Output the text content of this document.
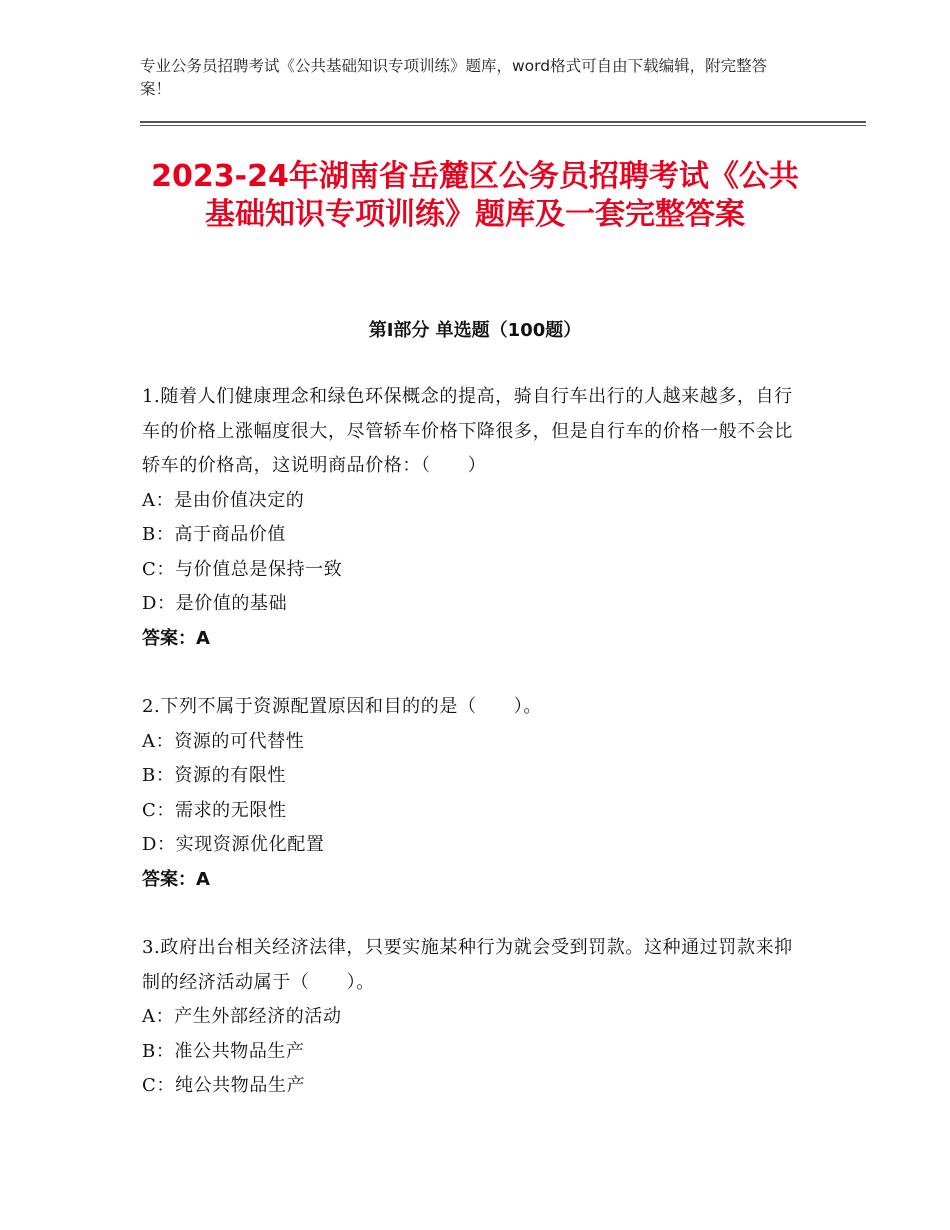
专业公务员招聘考试《公共基础知识专项训练》题库，word格式可自由下载编辑，附完整答案！
2023-24年湖南省岳麓区公务员招聘考试《公共基础知识专项训练》题库及一套完整答案
第Ⅰ部分 单选题（100题）
1.随着人们健康理念和绿色环保概念的提高，骑自行车出行的人越来越多，自行车的价格上涨幅度很大，尽管轿车价格下降很多，但是自行车的价格一般不会比轿车的价格高，这说明商品价格：（　　）
A：是由价值决定的
B：高于商品价值
C：与价值总是保持一致
D：是价值的基础
答案：A
2.下列不属于资源配置原因和目的的是（　　）。
A：资源的可代替性
B：资源的有限性
C：需求的无限性
D：实现资源优化配置
答案：A
3.政府出台相关经济法律，只要实施某种行为就会受到罚款。这种通过罚款来抑制的经济活动属于（　　）。
A：产生外部经济的活动
B：准公共物品生产
C：纯公共物品生产
